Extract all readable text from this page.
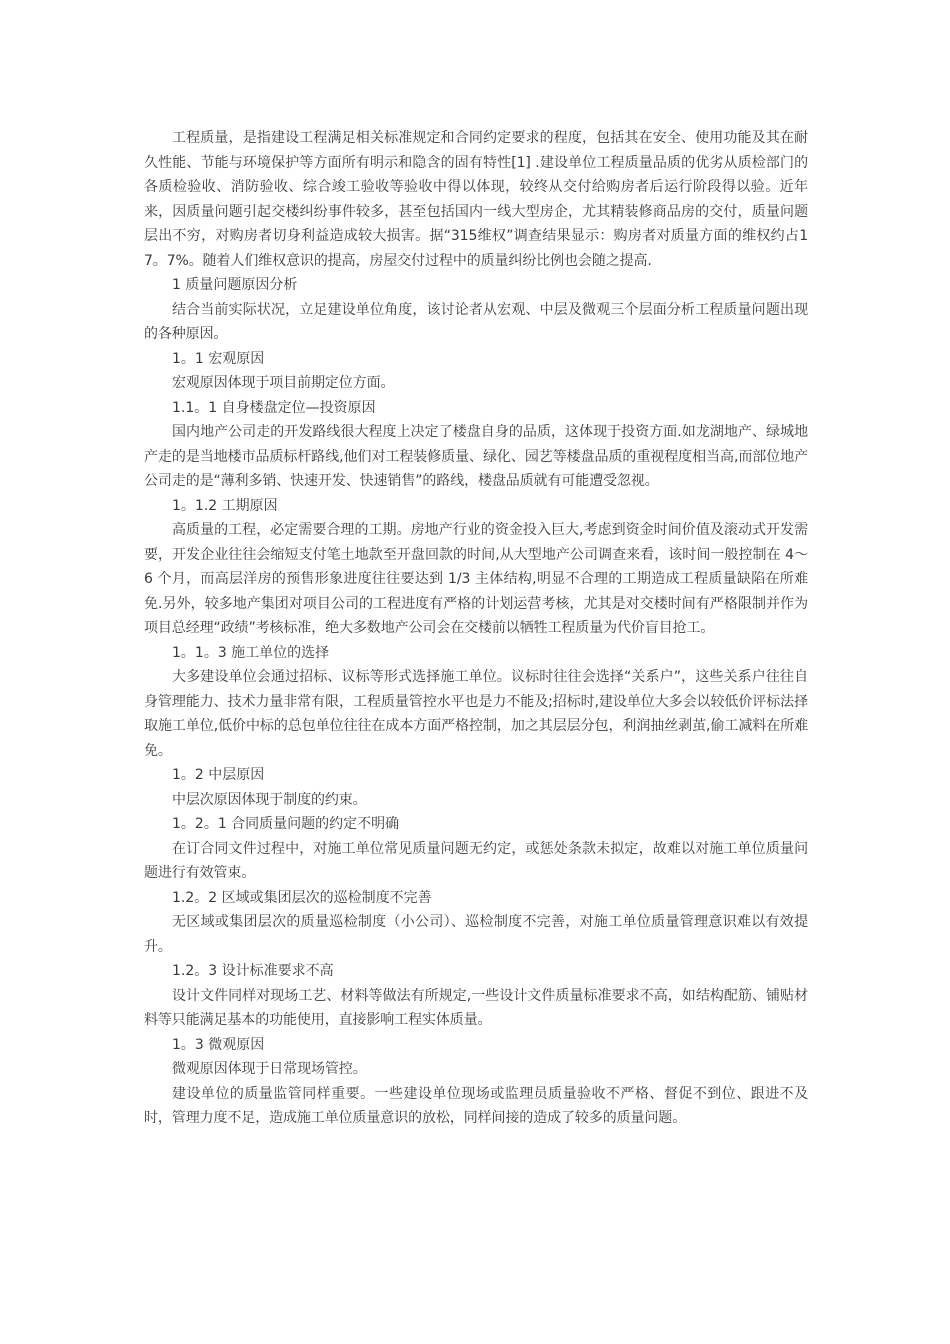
工程质量，是指建设工程满足相关标准规定和合同约定要求的程度，包括其在安全、使用功能及其在耐久性能、节能与环境保护等方面所有明示和隐含的固有特性[1] .建设单位工程质量品质的优劣从质检部门的各质检验收、消防验收、综合竣工验收等验收中得以体现，较终从交付给购房者后运行阶段得以验。近年来，因质量问题引起交楼纠纷事件较多，甚至包括国内一线大型房企，尤其精装修商品房的交付，质量问题层出不穷，对购房者切身利益造成较大损害。据“315维权”调查结果显示：购房者对质量方面的维权约占17。7%。随着人们维权意识的提高，房屋交付过程中的质量纠纷比例也会随之提高.

1 质量问题原因分析

结合当前实际状况，立足建设单位角度，该讨论者从宏观、中层及微观三个层面分析工程质量问题出现的各种原因。

1。1 宏观原因

宏观原因体现于项目前期定位方面。

1.1。1 自身楼盘定位—投资原因

国内地产公司走的开发路线很大程度上决定了楼盘自身的品质，这体现于投资方面.如龙湖地产、绿城地产走的是当地楼市品质标杆路线,他们对工程装修质量、绿化、园艺等楼盘品质的重视程度相当高,而部位地产公司走的是“薄利多销、快速开发、快速销售”的路线，楼盘品质就有可能遭受忽视。

1。1.2 工期原因

高质量的工程，必定需要合理的工期。房地产行业的资金投入巨大,考虑到资金时间价值及滚动式开发需要，开发企业往往会缩短支付笔土地款至开盘回款的时间,从大型地产公司调查来看，该时间一般控制在 4～6 个月，而高层洋房的预售形象进度往往要达到 1/3 主体结构,明显不合理的工期造成工程质量缺陷在所难免.另外，较多地产集团对项目公司的工程进度有严格的计划运营考核，尤其是对交楼时间有严格限制并作为项目总经理“政绩”考核标准，绝大多数地产公司会在交楼前以牺牲工程质量为代价盲目抢工。

1。1。3 施工单位的选择

大多建设单位会通过招标、议标等形式选择施工单位。议标时往往会选择“关系户”，这些关系户往往自身管理能力、技术力量非常有限，工程质量管控水平也是力不能及;招标时,建设单位大多会以较低价评标法择取施工单位,低价中标的总包单位往往在成本方面严格控制，加之其层层分包，利润抽丝剥茧,偷工减料在所难免。

1。2 中层原因

中层次原因体现于制度的约束。

1。2。1 合同质量问题的约定不明确

在订合同文件过程中，对施工单位常见质量问题无约定，或惩处条款未拟定，故难以对施工单位质量问题进行有效管束。

1.2。2 区域或集团层次的巡检制度不完善

无区域或集团层次的质量巡检制度（小公司）、巡检制度不完善，对施工单位质量管理意识难以有效提升。

1.2。3 设计标准要求不高

设计文件同样对现场工艺、材料等做法有所规定,一些设计文件质量标准要求不高，如结构配筋、铺贴材料等只能满足基本的功能使用，直接影响工程实体质量。

1。3 微观原因

微观原因体现于日常现场管控。

建设单位的质量监管同样重要。一些建设单位现场或监理员质量验收不严格、督促不到位、跟进不及时，管理力度不足，造成施工单位质量意识的放松，同样间接的造成了较多的质量问题。
